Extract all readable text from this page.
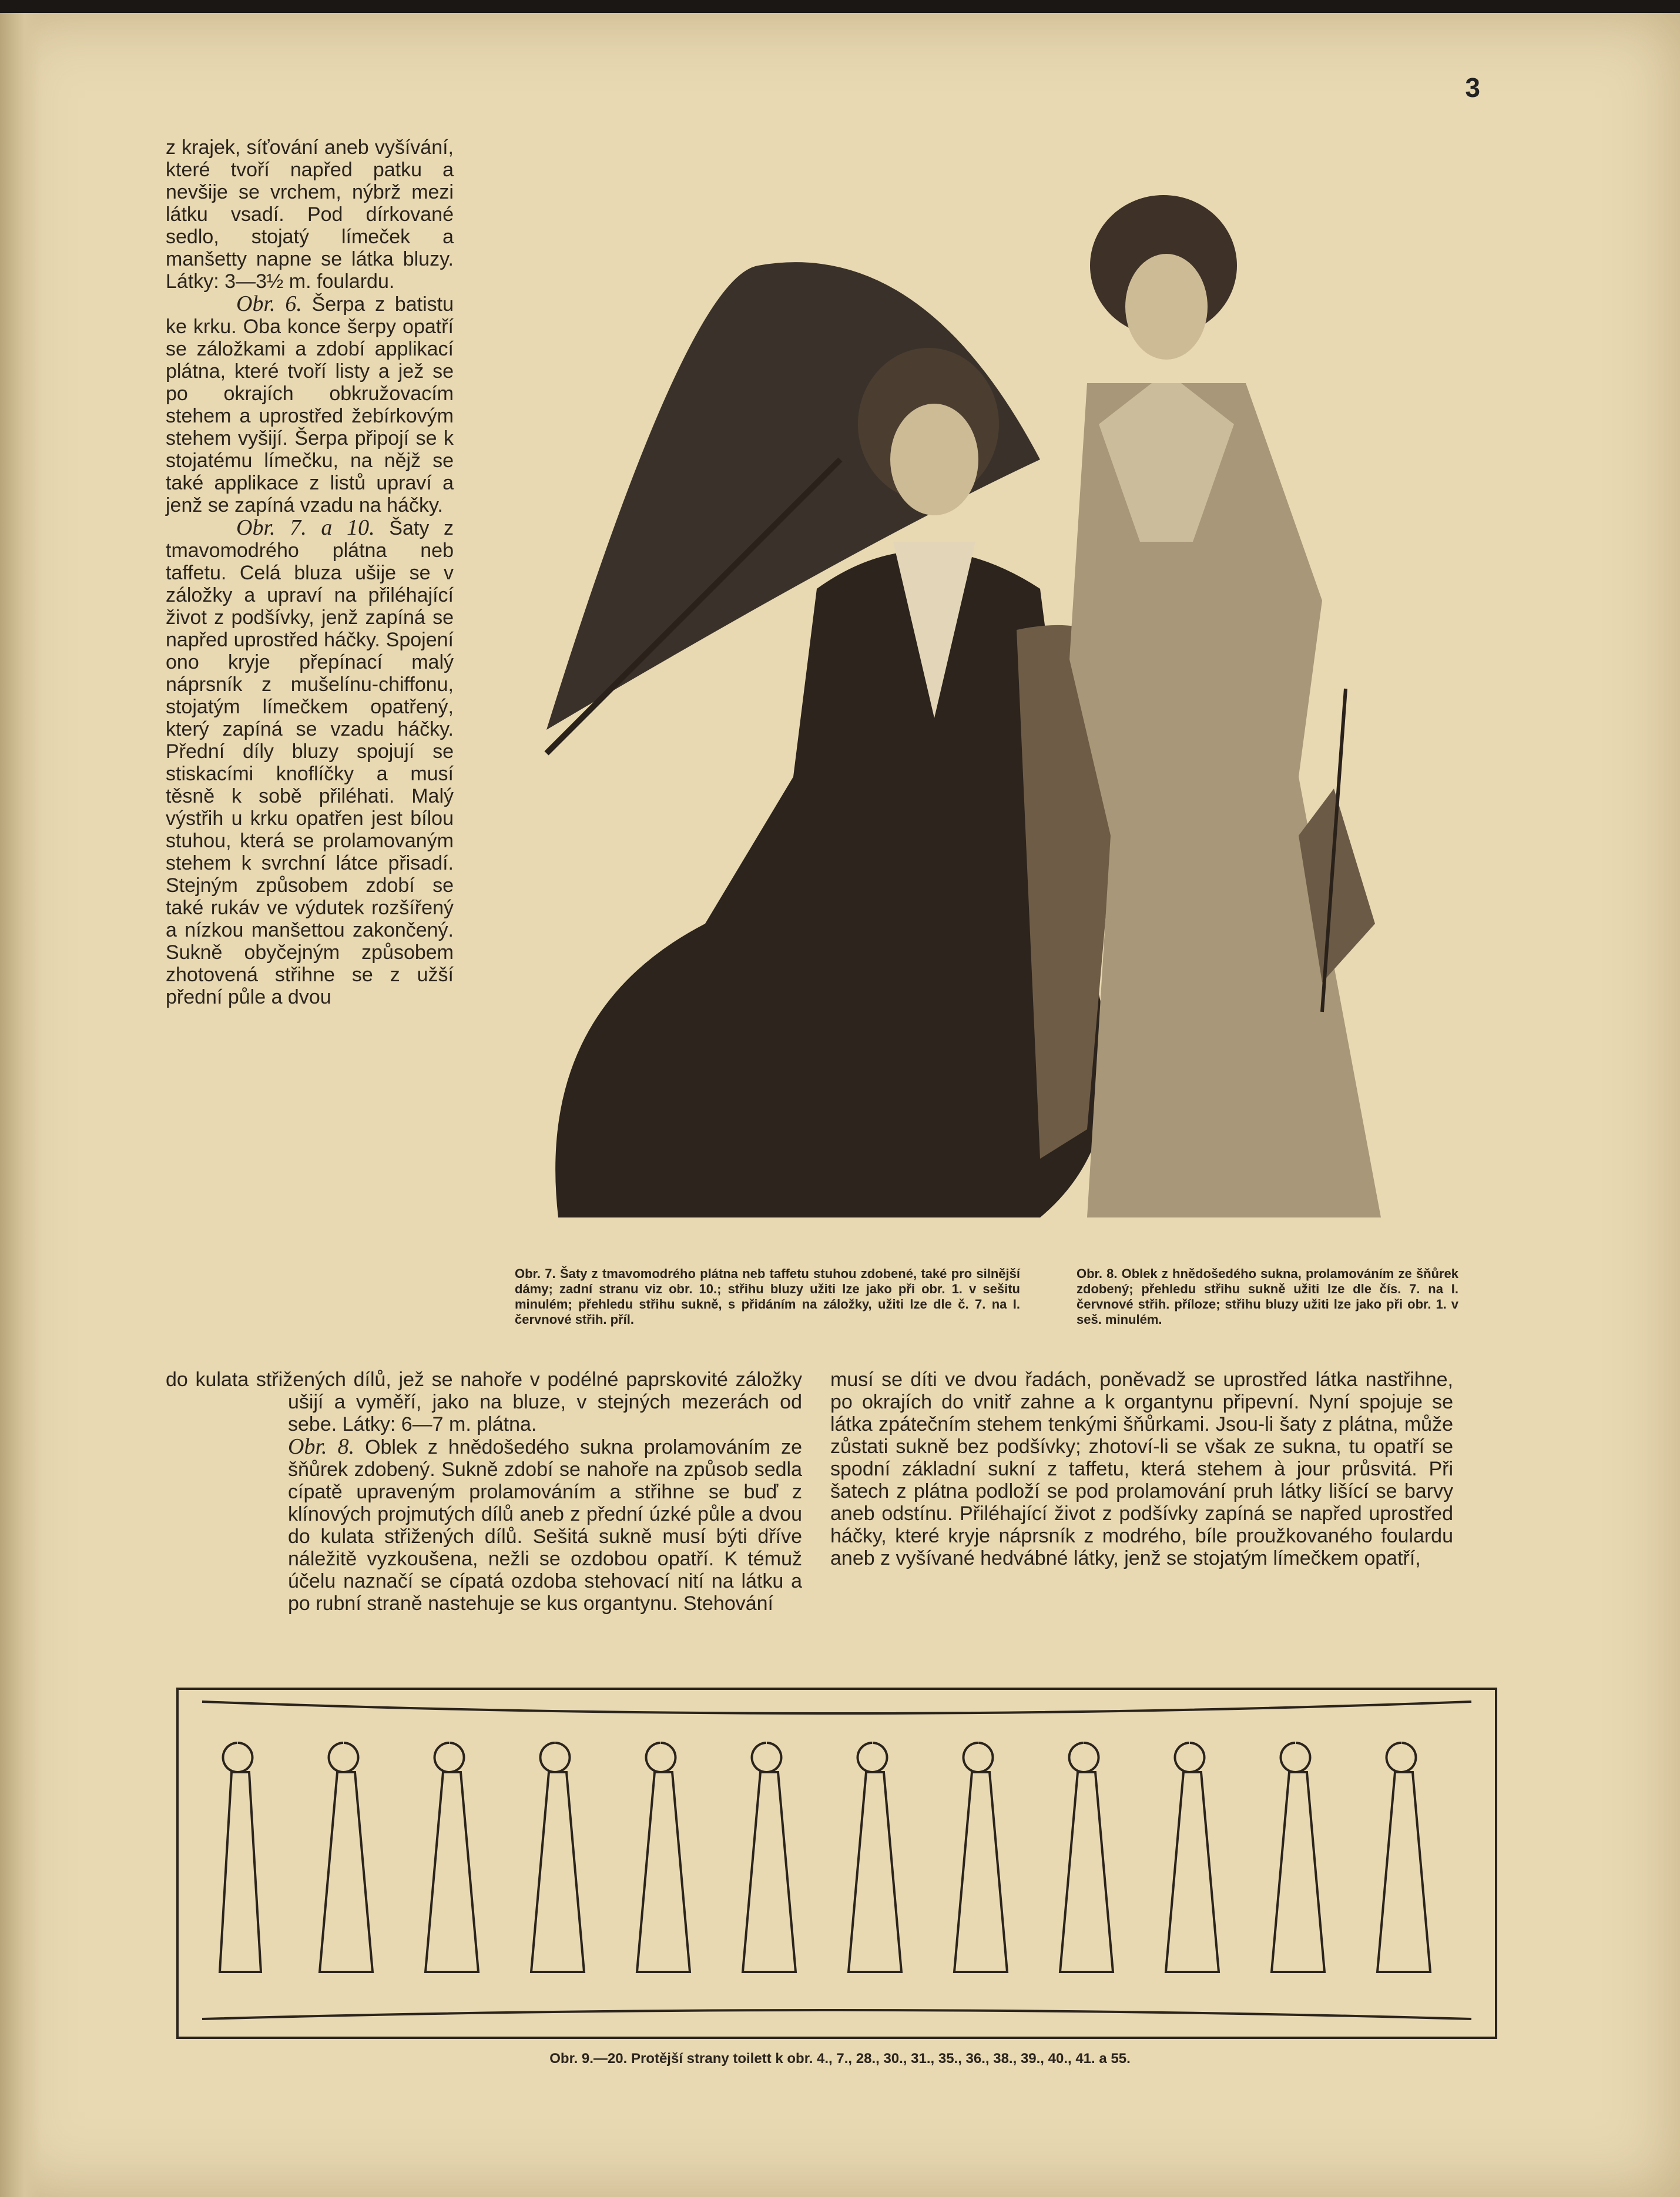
3

z krajek, síťování aneb vyšívání, které tvoří napřed patku a nevšije se vrchem, nýbrž mezi látku vsadí. Pod dírkované sedlo, stojatý límeček a manšetty napne se látka bluzy. Látky: 3—3½ m. foulardu.

Obr. 6. Šerpa z batistu ke krku. Oba konce šerpy opatří se záložkami a zdobí applikací plátna, které tvoří listy a jež se po okrajích obkružovacím stehem a uprostřed žebírkovým stehem vyšijí. Šerpa připojí se k stojatému límečku, na nějž se také applikace z listů upraví a jenž se zapíná vzadu na háčky.

Obr. 7. a 10. Šaty z tmavomodrého plátna neb taffetu. Celá bluza ušije se v záložky a upraví na přiléhající život z podšívky, jenž zapíná se napřed uprostřed háčky. Spojení ono kryje přepínací malý náprsník z mušelínu-chiffonu, stojatým límečkem opatřený, který zapíná se vzadu háčky. Přední díly bluzy spojují se stiskacími knoflíčky a musí těsně k sobě přiléhati. Malý výstřih u krku opatřen jest bílou stuhou, která se prolamovaným stehem k svrchní látce přisadí. Stejným způsobem zdobí se také rukáv ve výdutek rozšířený a nízkou manšettou zakončený. Sukně obyčejným způsobem zhotovená střihne se z užší přední půle a dvou

Obr. 7. Šaty z tmavomodrého plátna neb taffetu stuhou zdobené, také pro silnější dámy; zadní stranu viz obr. 10.; střihu bluzy užiti lze jako při obr. 1. v sešitu minulém; přehledu střihu sukně, s přidáním na záložky, užiti lze dle č. 7. na I. červnové střih. příl.
Obr. 8. Oblek z hnědošedého sukna, prolamováním ze šňůrek zdobený; přehledu střihu sukně užiti lze dle čís. 7. na I. červnové střih. příloze; střihu bluzy užiti lze jako při obr. 1. v seš. minulém.

do kulata střižených dílů, jež se nahoře v podélné paprskovité záložky ušijí a vyměří, jako na bluze, v stejných mezerách od sebe. Látky: 6—7 m. plátna.

Obr. 8. Oblek z hnědošedého sukna prolamováním ze šňůrek zdobený. Sukně zdobí se nahoře na způsob sedla cípatě upraveným prolamováním a střihne se buď z klínových projmutých dílů aneb z přední úzké půle a dvou do kulata střižených dílů. Sešitá sukně musí býti dříve náležitě vyzkoušena, nežli se ozdobou opatří. K témuž účelu naznačí se cípatá ozdoba stehovací nití na látku a po rubní straně nastehuje se kus organtynu. Stehování

musí se díti ve dvou řadách, poněvadž se uprostřed látka nastřihne, po okrajích do vnitř zahne a k organtynu připevní. Nyní spojuje se látka zpátečním stehem tenkými šňůrkami. Jsou-li šaty z plátna, může zůstati sukně bez podšívky; zhotoví-li se však ze sukna, tu opatří se spodní základní sukní z taffetu, která stehem à jour průsvitá. Při šatech z plátna podloží se pod prolamování pruh látky lišící se barvy aneb odstínu. Přiléhající život z podšívky zapíná se napřed uprostřed háčky, které kryje náprsník z modrého, bíle proužkovaného foulardu aneb z vyšívané hedvábné látky, jenž se stojatým límečkem opatří,
Obr. 9.—20. Protější strany toilett k obr. 4., 7., 28., 30., 31., 35., 36., 38., 39., 40., 41. a 55.
